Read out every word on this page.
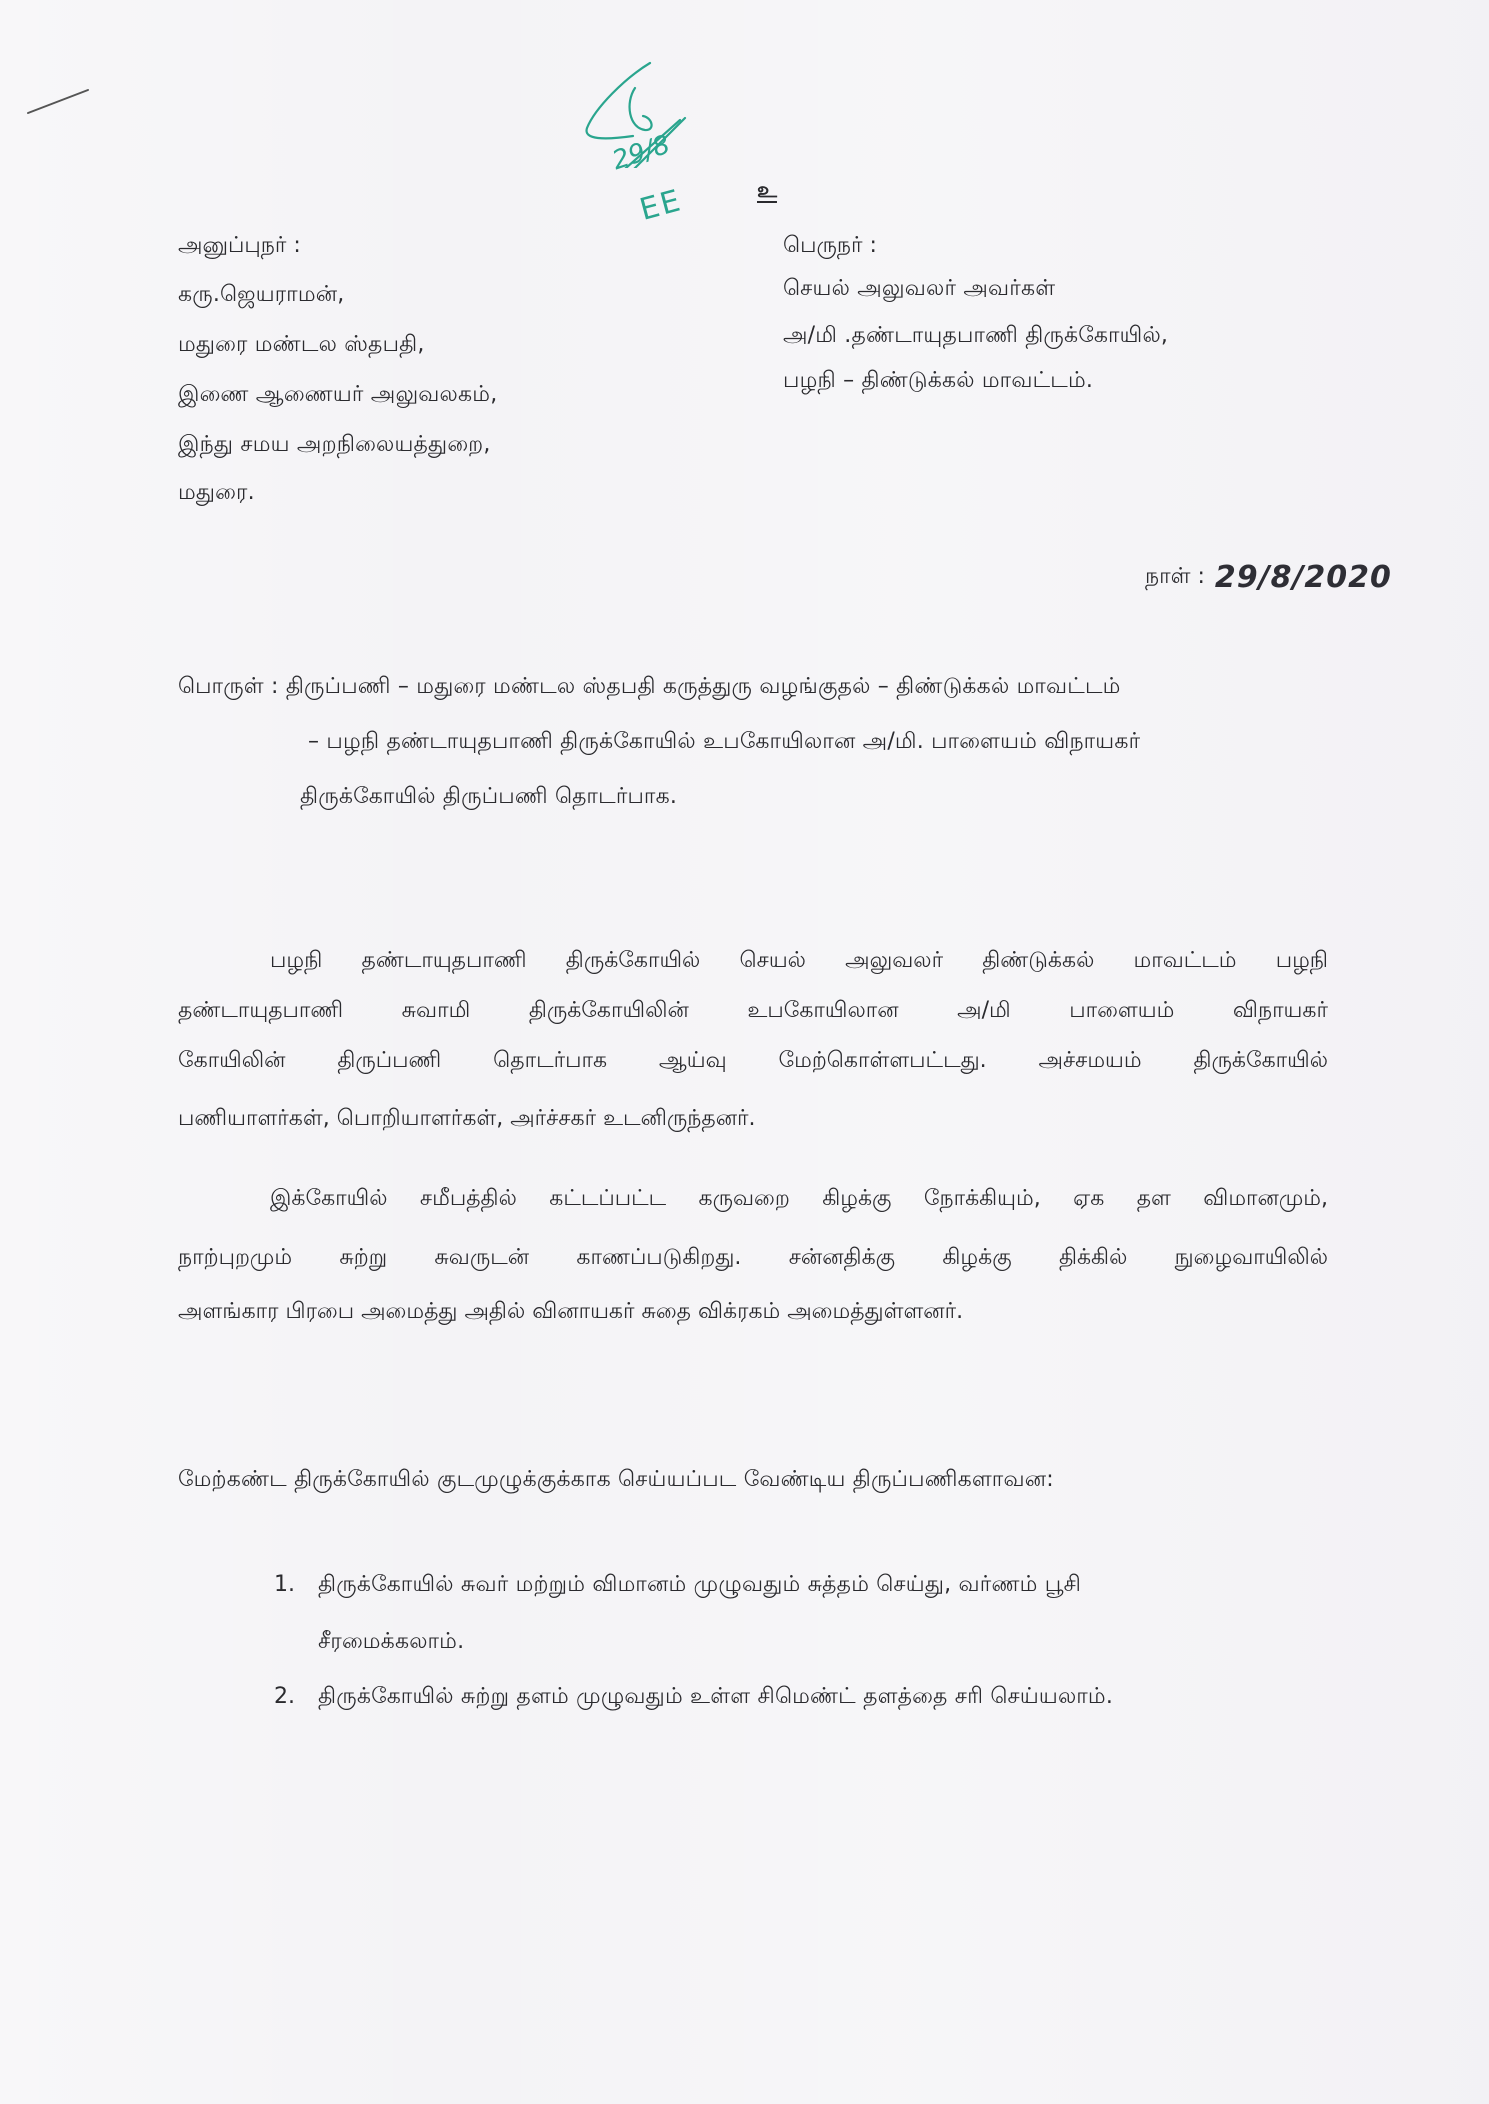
29/8
EE	உ
அனுப்புநர் :
கரு.ஜெயராமன்,
மதுரை மண்டல ஸ்தபதி,
இணை ஆணையர் அலுவலகம்,
இந்து சமய அறநிலையத்துறை,
மதுரை.
பெருநர் :
செயல் அலுவலர் அவர்கள்
அ/மி .தண்டாயுதபாணி திருக்கோயில்,
பழநி – திண்டுக்கல் மாவட்டம்.
நாள் : 29/8/2020
பொருள் : திருப்பணி – மதுரை மண்டல ஸ்தபதி கருத்துரு வழங்குதல் – திண்டுக்கல் மாவட்டம்
– பழநி தண்டாயுதபாணி திருக்கோயில் உபகோயிலான அ/மி. பாளையம் விநாயகர்
திருக்கோயில் திருப்பணி தொடர்பாக.
பழநி தண்டாயுதபாணி திருக்கோயில் செயல் அலுவலர் திண்டுக்கல் மாவட்டம் பழநி
தண்டாயுதபாணி சுவாமி திருக்கோயிலின் உபகோயிலான அ/மி பாளையம் விநாயகர்
கோயிலின் திருப்பணி தொடர்பாக ஆய்வு மேற்கொள்ளபட்டது. அச்சமயம் திருக்கோயில்
பணியாளர்கள், பொறியாளர்கள், அர்ச்சகர் உடனிருந்தனர்.
இக்கோயில் சமீபத்தில் கட்டப்பட்ட கருவறை கிழக்கு நோக்கியும், ஏக தள விமானமும்,
நாற்புறமும் சுற்று சுவருடன் காணப்படுகிறது. சன்னதிக்கு கிழக்கு திக்கில் நுழைவாயிலில்
அளங்கார பிரபை அமைத்து அதில் வினாயகர் சுதை விக்ரகம் அமைத்துள்ளனர்.
மேற்கண்ட திருக்கோயில் குடமுழுக்குக்காக செய்யப்பட வேண்டிய திருப்பணிகளாவன:
1. திருக்கோயில் சுவர் மற்றும் விமானம் முழுவதும் சுத்தம் செய்து, வர்ணம் பூசி
சீரமைக்கலாம்.
2. திருக்கோயில் சுற்று தளம் முழுவதும் உள்ள சிமெண்ட் தளத்தை சரி செய்யலாம்.
